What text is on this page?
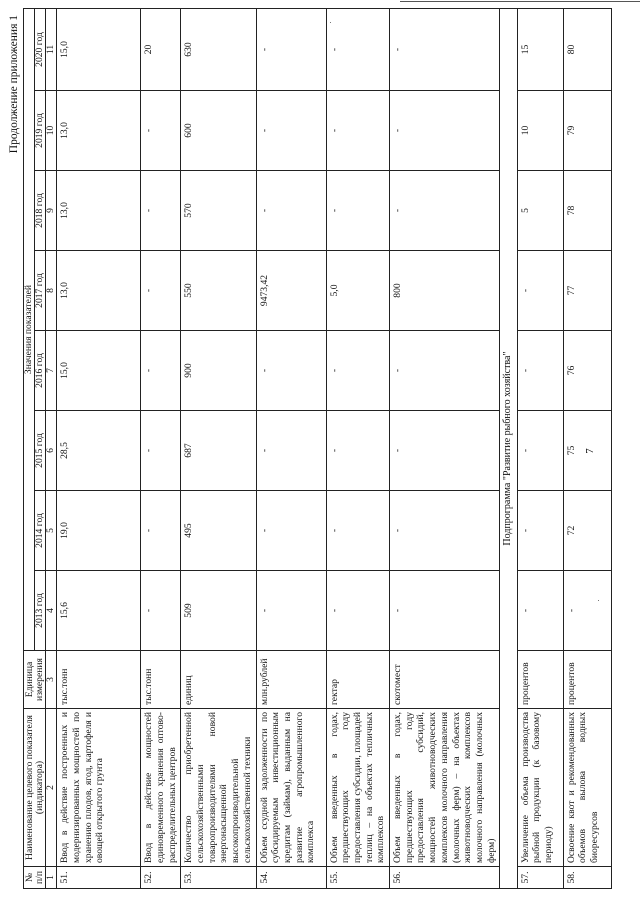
7
Продолжение приложения 1
№ п/п	Наименование целевого показателя (индикатора)	Единица измерения	Значения показателей							
			2013 год	2014 год	2015 год	2016 год	2017 год	2018 год	2019 год	2020 год
1	2	3	4	5	6	7	8	9	10	11
51.	Ввод в действие построенных и модернизированных мощностей по хранению плодов, ягод, картофеля и овощей открытого грунта	тыс.тонн	15,6	19,0	28,5	15,0	13,0	13,0	13,0	15,0
52.	Ввод в действие мощностей единовременного хранения оптово-распределительных центров	тыс.тонн	-	-	-	-	-	-	-	20
53.	Количество приобретенной сельскохозяйственными товаропроизводителями новой энергонасыщенной высокопроизводительной сельскохозяйственной техники	единиц	509	495	687	900	550	570	600	630
54.	Объем ссудной задолженности по субсидируемым инвестиционным кредитам (займам), выданным на развитие агропромышленного комплекса	млн.рублей	-	-	-	-	9473,42	-	-	-
55.	Объем введенных в годах, предшествующих году предоставления субсидии, площадей теплиц – на объектах тепличных комплексов	гектар	-	-	-	-	5,0	-	-	-
56.	Объем введенных в годах, предшествующих году предоставления субсидий, мощностей животноводческих комплексов молочного направления (молочных ферм) – на объектах животноводческих комплексов молочного направления (молочных ферм)	скотомест	-	-	-	-	800	-	-	-
Подпрограмма "Развитие рыбного хозяйства"										
57.	Увеличение объема производства рыбной продукции (к базовому периоду)	процентов	-	-	-	-	-	5	10	15
58.	Освоение квот и рекомендованных объемов вылова водных биоресурсов	процентов	-	72	75	76	77	78	79	80
